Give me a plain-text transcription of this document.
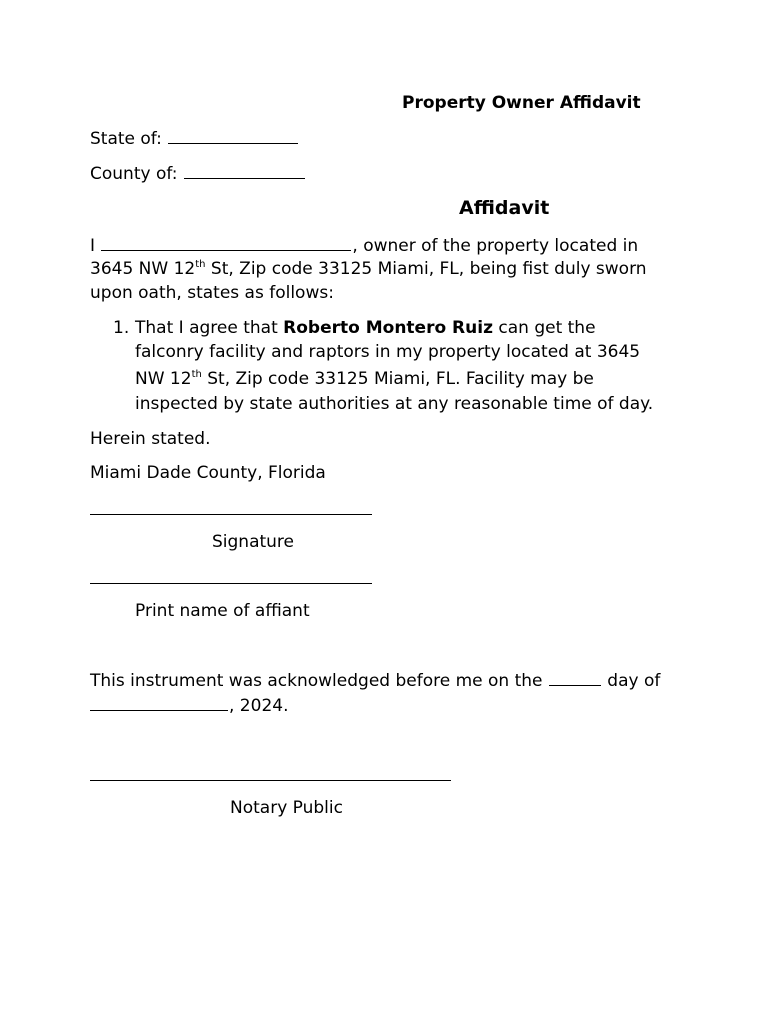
Property Owner Affidavit
State of:
County of:
Affidavit
I	, owner of the property located in
3645 NW 12th St, Zip code 33125 Miami, FL, being fist duly sworn
upon oath, states as follows:
1. That I agree that Roberto Montero Ruiz can get the
falconry facility and raptors in my property located at 3645
NW 12th St, Zip code 33125 Miami, FL. Facility may be
inspected by state authorities at any reasonable time of day.
Herein stated.
Miami Dade County, Florida
Signature
Print name of affiant
This instrument was acknowledged before me on the	day of
, 2024.
Notary Public
